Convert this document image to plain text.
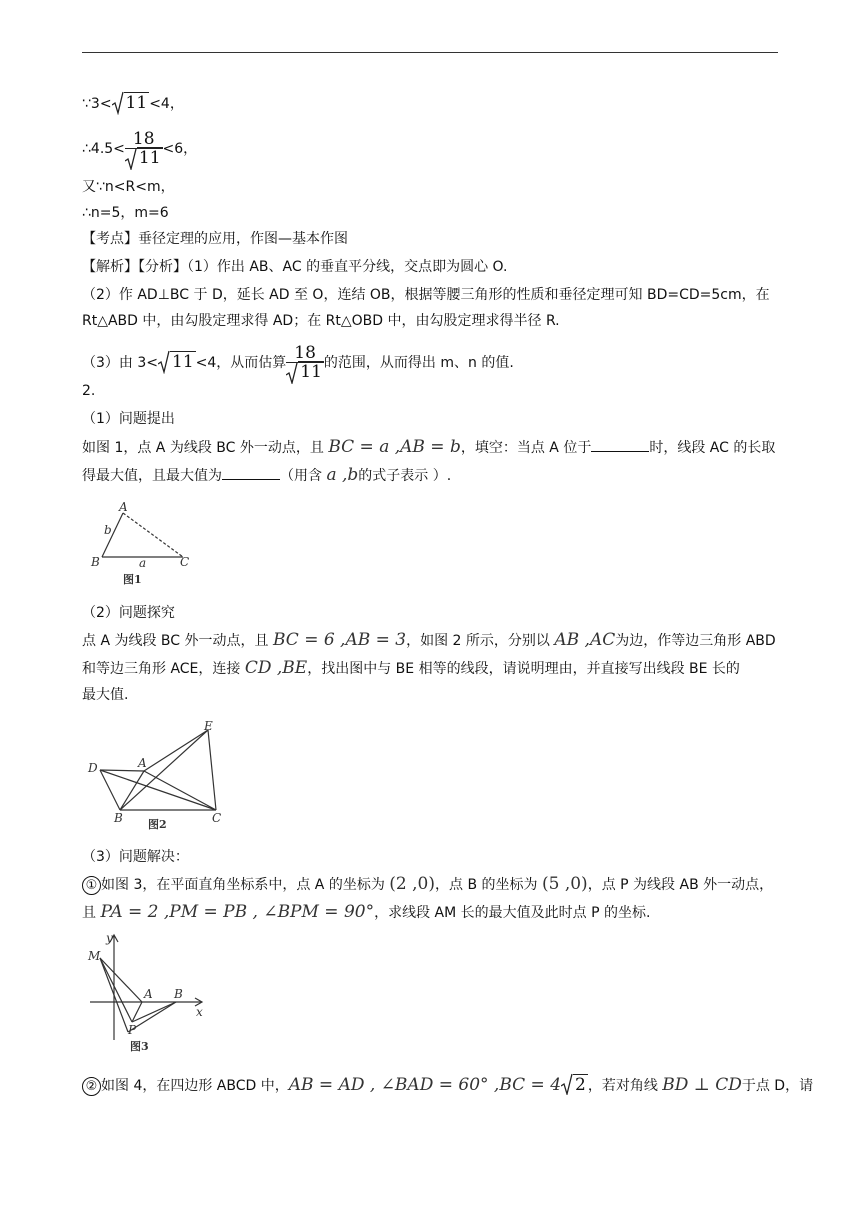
∵3< 11 <4，
∴4.5< $\frac{18}{11} <6$，
又∵n<R<m，
∴n=5，m=6
【考点】垂径定理的应用，作图—基本作图
【解析】【分析】（1）作出 AB、AC 的垂直平分线，交点即为圆心 O.
（2）作 AD⊥BC 于 D，延长 AD 至 O，连结 OB，根据等腰三角形的性质和垂径定理可知 BD=CD=5cm，在
Rt△ABD 中，由勾股定理求得 AD；在 Rt△OBD 中，由勾股定理求得半径 R.
（3）由 3< 11 <4，从而估算 $\frac{18}{11}$ 的范围，从而得出 m、n 的值.
2.
（1）问题提出
如图 1，点 A 为线段 BC 外一动点，且 BC = a ,AB = b，填空：当点 A 位于	时，线段 AC 的长取
得最大值，且最大值为	（用含 a ,b的式子表示 ）.
A
b
B	C
a
图1
（2）问题探究
点 A 为线段 BC 外一动点，且 BC = 6 ,AB = 3，如图 2 所示，分别以 AB ,AC为边，作等边三角形 ABD
和等边三角形 ACE，连接 CD ,BE，找出图中与 BE 相等的线段，请说明理由，并直接写出线段 BE 长的
最大值.
D	A
E
B	C
图2
（3）问题解决：
① 如图 3，在平面直角坐标系中，点 A 的坐标为 (2 ,0)，点 B 的坐标为 (5 ,0)，点 P 为线段 AB 外一动点，
且 PA = 2 ,PM = PB , ∠BPM = 90°，求线段 AM 长的最大值及此时点 P 的坐标.
y
x
M
A B
P
图3
② 如图 4，在四边形 ABCD 中，AB = AD , ∠BAD = 60° ,BC = 4 2 ，若对角线 BD ⊥ CD于点 D，请
